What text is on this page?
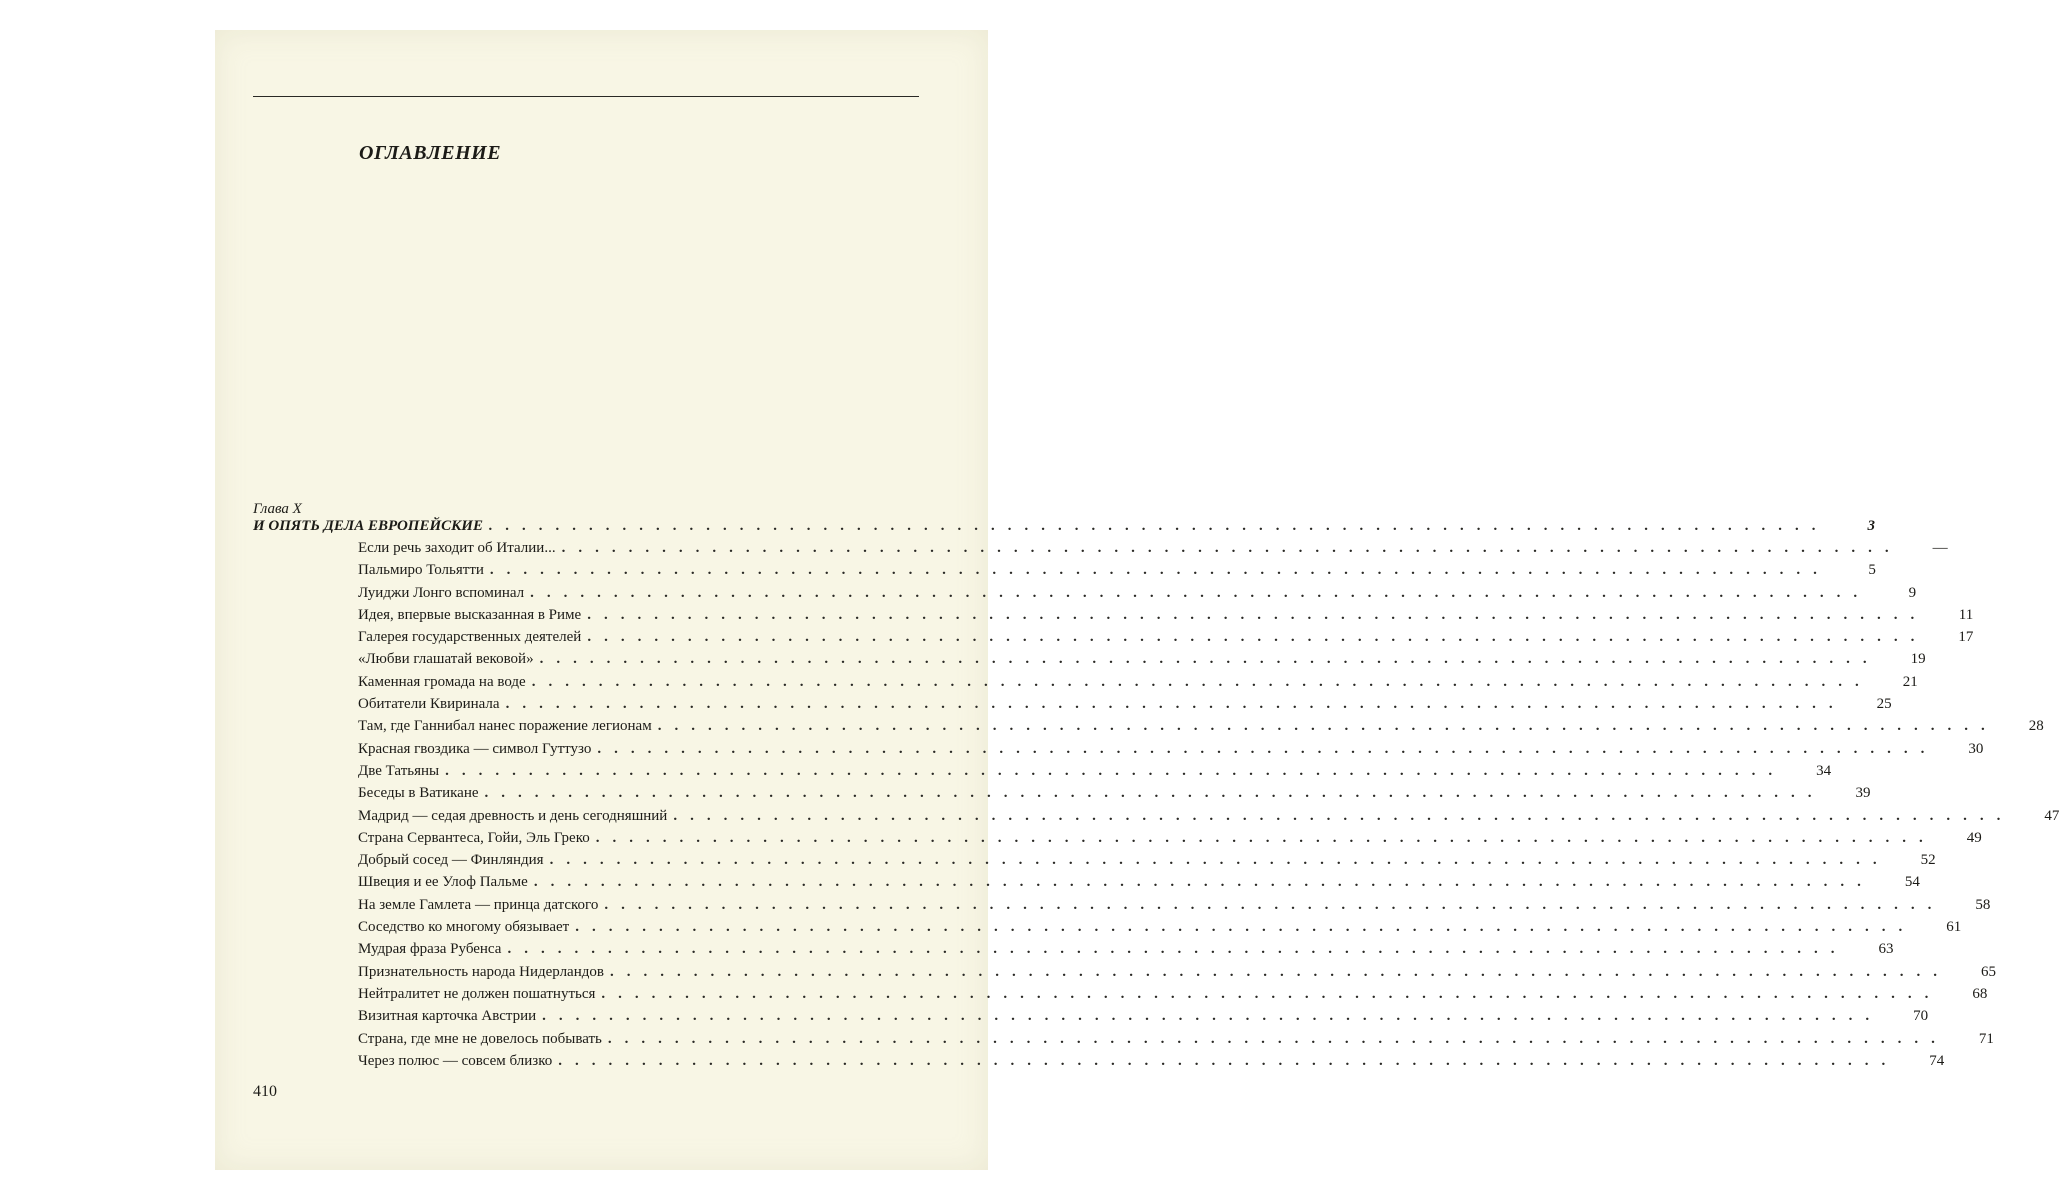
ОГЛАВЛЕНИЕ

Глава X

И ОПЯТЬ ДЕЛА ЕВРОПЕЙСКИЕ ................................................................................	3
Если речь заходит об Италии... ................................................................................	—
Пальмиро Тольятти ................................................................................	5
Луиджи Лонго вспоминал ................................................................................	9
Идея, впервые высказанная в Риме ................................................................................	11
Галерея государственных деятелей ................................................................................	17
«Любви глашатай вековой» ................................................................................	19
Каменная громада на воде ................................................................................	21
Обитатели Квиринала ................................................................................	25
Там, где Ганнибал нанес поражение легионам ................................................................................	28
Красная гвоздика — символ Гуттузо ................................................................................	30
Две Татьяны ................................................................................	34
Беседы в Ватикане ................................................................................	39
Мадрид — седая древность и день сегодняшний ................................................................................	47
Страна Сервантеса, Гойи, Эль Греко ................................................................................	49
Добрый сосед — Финляндия ................................................................................	52
Швеция и ее Улоф Пальме ................................................................................	54
На земле Гамлета — принца датского ................................................................................	58
Соседство ко многому обязывает ................................................................................	61
Мудрая фраза Рубенса ................................................................................	63
Признательность народа Нидерландов ................................................................................	65
Нейтралитет не должен пошатнуться ................................................................................	68
Визитная карточка Австрии ................................................................................	70
Страна, где мне не довелось побывать ................................................................................	71
Через полюс — совсем близко ................................................................................	74
410
